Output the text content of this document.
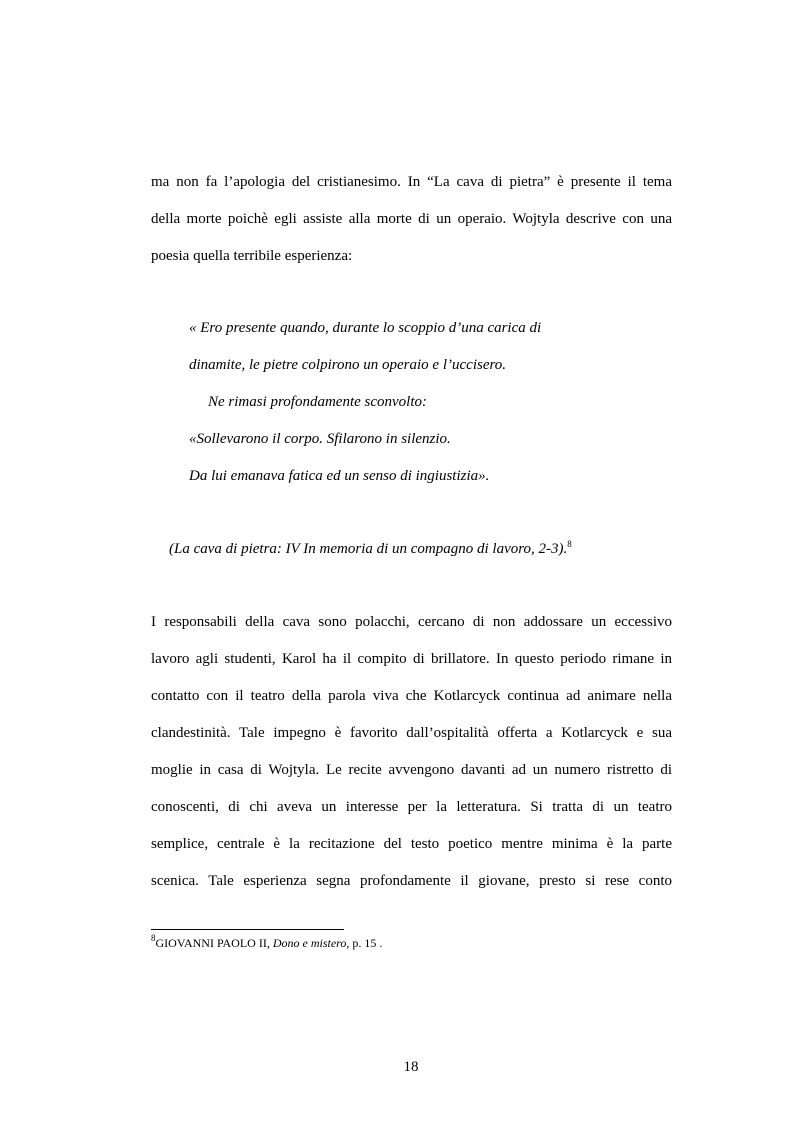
ma non fa l’apologia del cristianesimo. In “La cava di pietra” è presente il tema
della morte poichè egli assiste alla morte di un operaio. Wojtyla descrive con una
poesia quella terribile esperienza:
« Ero presente quando, durante lo scoppio d’una carica di
dinamite, le pietre colpirono un operaio e l’uccisero.
Ne rimasi profondamente sconvolto:
«Sollevarono il corpo. Sfilarono in silenzio.
Da lui emanava fatica ed un senso di ingiustizia».
(La cava di pietra: IV In memoria di un compagno di lavoro, 2-3).$^8$
I responsabili della cava sono polacchi, cercano di non addossare un eccessivo
lavoro agli studenti, Karol ha il compito di brillatore. In questo periodo rimane in
contatto con il teatro della parola viva che Kotlarcyck continua ad animare nella
clandestinità. Tale impegno è favorito dall’ospitalità offerta a Kotlarcyck e sua
moglie in casa di Wojtyla. Le recite avvengono davanti ad un numero ristretto di
conoscenti, di chi aveva un interesse per la letteratura. Si tratta di un teatro
semplice, centrale è la recitazione del testo poetico mentre minima è la parte
scenica. Tale esperienza segna profondamente il giovane, presto si rese conto
$^8$GIOVANNI PAOLO II, Dono e mistero, p. 15 .
18
